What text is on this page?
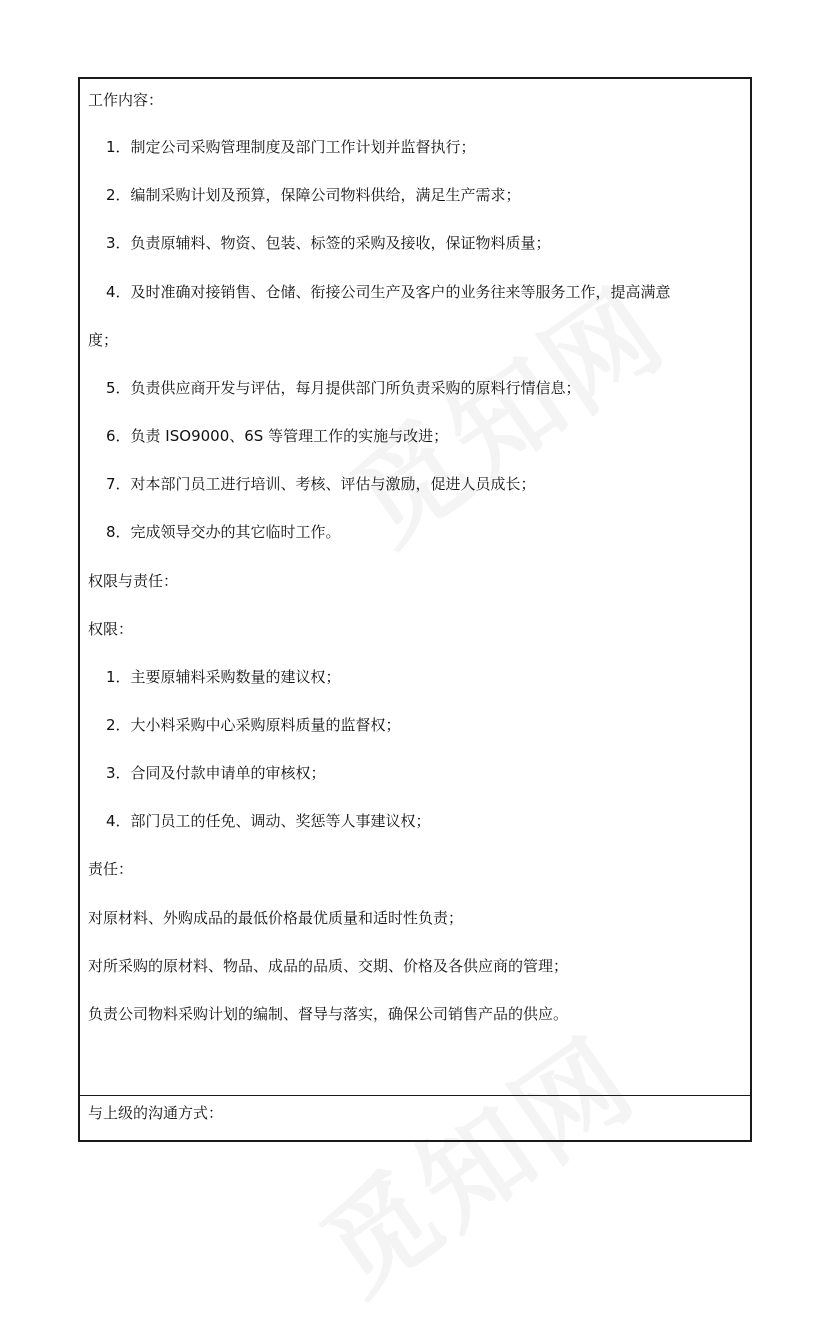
工作内容：
1．制定公司采购管理制度及部门工作计划并监督执行；
2．编制采购计划及预算，保障公司物料供给，满足生产需求；
3．负责原辅料、物资、包装、标签的采购及接收，保证物料质量；
4．及时准确对接销售、仓储、衔接公司生产及客户的业务往来等服务工作，提高满意
度；
5．负责供应商开发与评估，每月提供部门所负责采购的原料行情信息；
6．负责 ISO9000、6S 等管理工作的实施与改进；
7．对本部门员工进行培训、考核、评估与激励，促进人员成长；
8．完成领导交办的其它临时工作。
权限与责任：
权限：
1．主要原辅料采购数量的建议权；
2．大小料采购中心采购原料质量的监督权；
3．合同及付款申请单的审核权；
4．部门员工的任免、调动、奖惩等人事建议权；
责任：
对原材料、外购成品的最低价格最优质量和适时性负责；
对所采购的原材料、物品、成品的品质、交期、价格及各供应商的管理；
负责公司物料采购计划的编制、督导与落实，确保公司销售产品的供应。
与上级的沟通方式：
